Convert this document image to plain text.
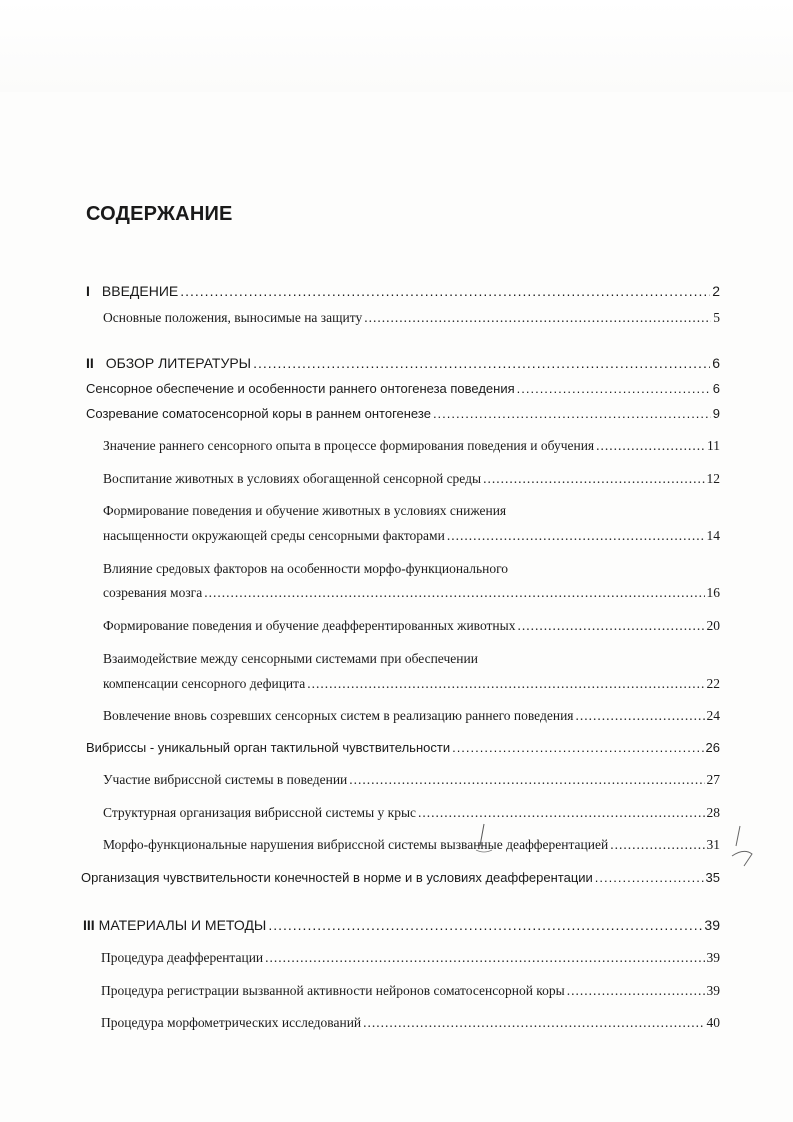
СОДЕРЖАНИЕ
I ВВЕДЕНИЕ .....	2
Основные положения, выносимые на защиту .....	5
II ОБЗОР ЛИТЕРАТУРЫ .....	6
Сенсорное обеспечение и особенности раннего онтогенеза поведения .....	6
Созревание соматосенсорной коры в раннем онтогенезе .....	9
Значение раннего сенсорного опыта в процессе формирования поведения и обучения .....	11
Воспитание животных в условиях обогащенной сенсорной среды .....	12
Формирование поведения и обучение животных в условиях снижения
насыщенности окружающей среды сенсорными факторами .....	14
Влияние средовых факторов на особенности морфо-функционального
созревания мозга .....	16
Формирование поведения и обучение деафферентированных животных .....	20
Взаимодействие между сенсорными системами при обеспечении
компенсации сенсорного дефицита .....	22
Вовлечение вновь созревших сенсорных систем в реализацию раннего поведения .....	24
Вибриссы - уникальный орган тактильной чувствительности .....	26
Участие вибриссной системы в поведении .....	27
Структурная организация вибриссной системы у крыс .....	28
Морфо-функциональные нарушения вибриссной системы вызванные деафферентацией .....	31
Организация чувствительности конечностей в норме и в условиях деафферентации .....	35
III МАТЕРИАЛЫ И МЕТОДЫ .....	39
Процедура деафферентации .....	39
Процедура регистрации вызванной активности нейронов соматосенсорной коры .....	39
Процедура морфометрических исследований .....	40
